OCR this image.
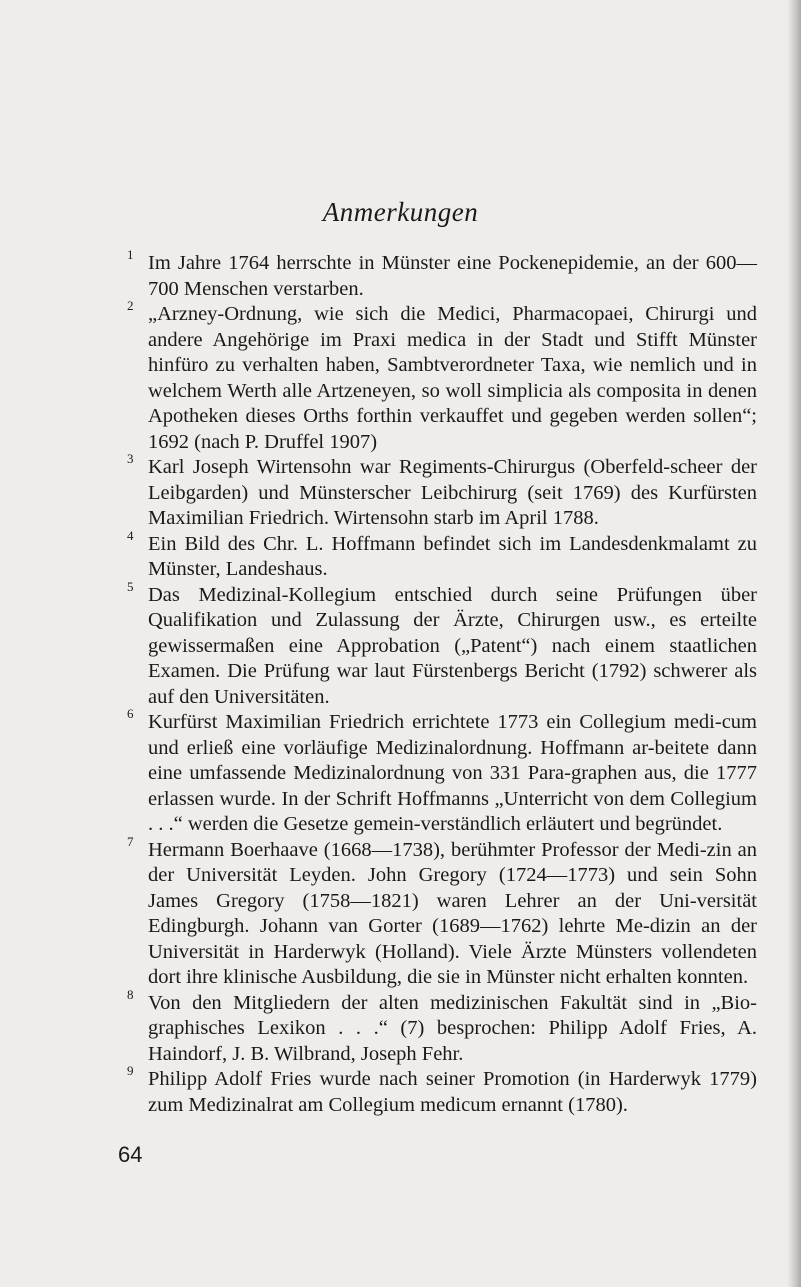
Anmerkungen
1 Im Jahre 1764 herrschte in Münster eine Pockenepidemie, an der 600—700 Menschen verstarben.
2 „Arzney-Ordnung, wie sich die Medici, Pharmacopaei, Chirurgi und andere Angehörige im Praxi medica in der Stadt und Stifft Münster hinfüro zu verhalten haben, Sambtverordneter Taxa, wie nemlich und in welchem Werth alle Artzeneyen, so woll simplicia als composita in denen Apotheken dieses Orths forthin verkauffet und gegeben werden sollen“; 1692 (nach P. Druffel 1907)
3 Karl Joseph Wirtensohn war Regiments-Chirurgus (Oberfeld-scheer der Leibgarden) und Münsterscher Leibchirurg (seit 1769) des Kurfürsten Maximilian Friedrich. Wirtensohn starb im April 1788.
4 Ein Bild des Chr. L. Hoffmann befindet sich im Landesdenkmalamt zu Münster, Landeshaus.
5 Das Medizinal-Kollegium entschied durch seine Prüfungen über Qualifikation und Zulassung der Ärzte, Chirurgen usw., es erteilte gewissermaßen eine Approbation („Patent“) nach einem staatlichen Examen. Die Prüfung war laut Fürstenbergs Bericht (1792) schwerer als auf den Universitäten.
6 Kurfürst Maximilian Friedrich errichtete 1773 ein Collegium medi-cum und erließ eine vorläufige Medizinalordnung. Hoffmann ar-beitete dann eine umfassende Medizinalordnung von 331 Para-graphen aus, die 1777 erlassen wurde. In der Schrift Hoffmanns „Unterricht von dem Collegium . . .“ werden die Gesetze gemein-verständlich erläutert und begründet.
7 Hermann Boerhaave (1668—1738), berühmter Professor der Medi-zin an der Universität Leyden. John Gregory (1724—1773) und sein Sohn James Gregory (1758—1821) waren Lehrer an der Uni-versität Edingburgh. Johann van Gorter (1689—1762) lehrte Me-dizin an der Universität in Harderwyk (Holland). Viele Ärzte Münsters vollendeten dort ihre klinische Ausbildung, die sie in Münster nicht erhalten konnten.
8 Von den Mitgliedern der alten medizinischen Fakultät sind in „Bio-graphisches Lexikon . . .“ (7) besprochen: Philipp Adolf Fries, A. Haindorf, J. B. Wilbrand, Joseph Fehr.
9 Philipp Adolf Fries wurde nach seiner Promotion (in Harderwyk 1779) zum Medizinalrat am Collegium medicum ernannt (1780).
64
